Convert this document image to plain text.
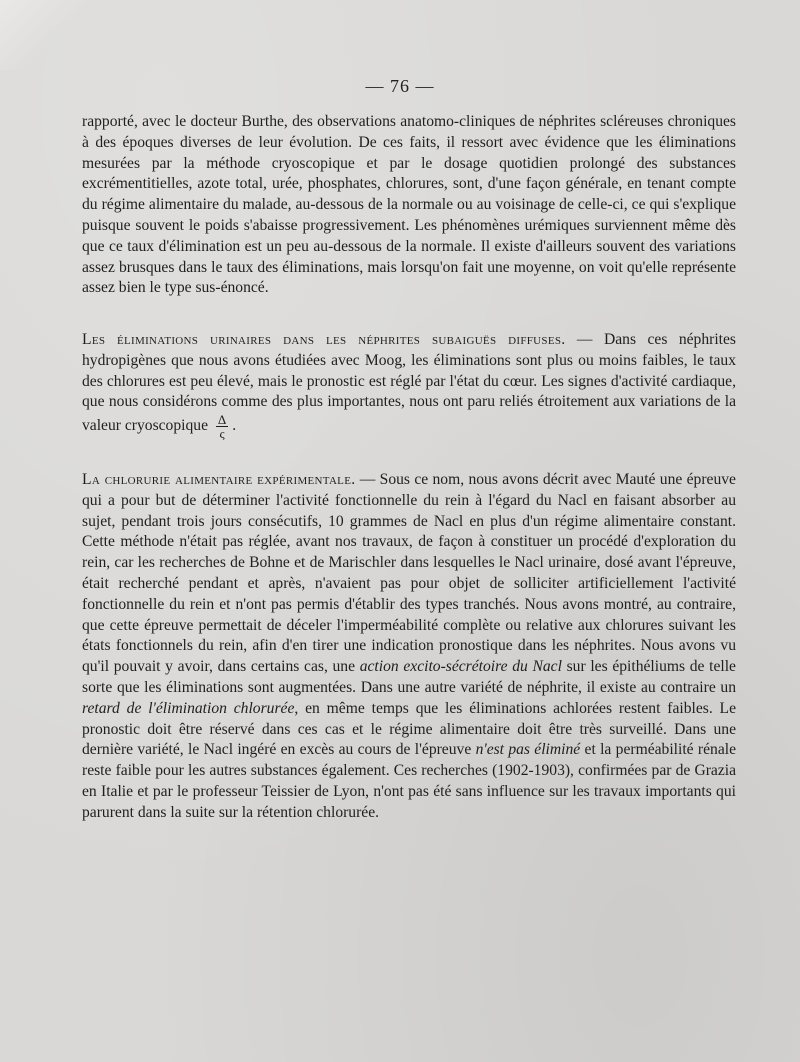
— 76 —
rapporté, avec le docteur Burthe, des observations anatomo-cliniques de néphrites scléreuses chroniques à des époques diverses de leur évolution. De ces faits, il ressort avec évidence que les éliminations mesurées par la méthode cryoscopique et par le dosage quotidien prolongé des substances excrémentitielles, azote total, urée, phosphates, chlorures, sont, d'une façon générale, en tenant compte du régime alimentaire du malade, au-dessous de la normale ou au voisinage de celle-ci, ce qui s'explique puisque souvent le poids s'abaisse progressivement. Les phénomènes urémiques surviennent même dès que ce taux d'élimination est un peu au-dessous de la normale. Il existe d'ailleurs souvent des variations assez brusques dans le taux des éliminations, mais lorsqu'on fait une moyenne, on voit qu'elle représente assez bien le type sus-énoncé.
Les éliminations urinaires dans les néphrites subaiguës diffuses. — Dans ces néphrites hydropigènes que nous avons étudiées avec Moog, les éliminations sont plus ou moins faibles, le taux des chlorures est peu élevé, mais le pronostic est réglé par l'état du cœur. Les signes d'activité cardiaque, que nous considérons comme des plus importantes, nous ont paru reliés étroitement aux variations de la valeur cryoscopique $\frac{\Delta}{\varsigma}$ .
La chlorurie alimentaire expérimentale. — Sous ce nom, nous avons décrit avec Mauté une épreuve qui a pour but de déterminer l'activité fonctionnelle du rein à l'égard du Nacl en faisant absorber au sujet, pendant trois jours consécutifs, 10 grammes de Nacl en plus d'un régime alimentaire constant. Cette méthode n'était pas réglée, avant nos travaux, de façon à constituer un procédé d'exploration du rein, car les recherches de Bohne et de Marischler dans lesquelles le Nacl urinaire, dosé avant l'épreuve, était recherché pendant et après, n'avaient pas pour objet de solliciter artificiellement l'activité fonctionnelle du rein et n'ont pas permis d'établir des types tranchés. Nous avons montré, au contraire, que cette épreuve permettait de déceler l'imperméabilité complète ou relative aux chlorures suivant les états fonctionnels du rein, afin d'en tirer une indication pronostique dans les néphrites. Nous avons vu qu'il pouvait y avoir, dans certains cas, une action excito-sécrétoire du Nacl sur les épithéliums de telle sorte que les éliminations sont augmentées. Dans une autre variété de néphrite, il existe au contraire un retard de l'élimination chlorurée, en même temps que les éliminations achlorées restent faibles. Le pronostic doit être réservé dans ces cas et le régime alimentaire doit être très surveillé. Dans une dernière variété, le Nacl ingéré en excès au cours de l'épreuve n'est pas éliminé et la perméabilité rénale reste faible pour les autres substances également. Ces recherches (1902-1903), confirmées par de Grazia en Italie et par le professeur Teissier de Lyon, n'ont pas été sans influence sur les travaux importants qui parurent dans la suite sur la rétention chlorurée.
